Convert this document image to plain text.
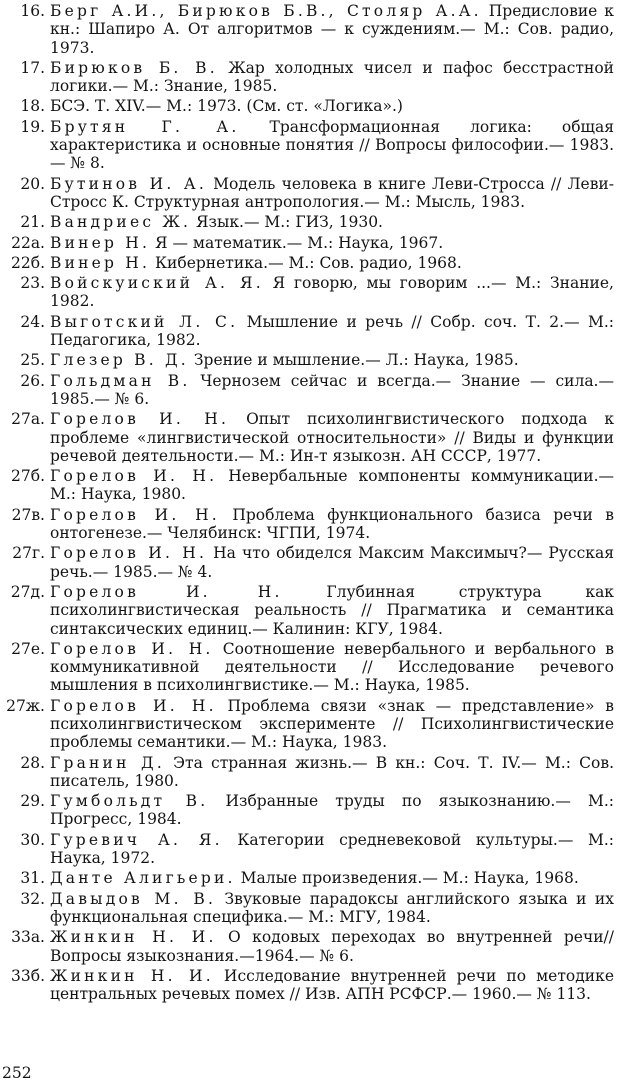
16. Берг А.И., Бирюков Б.В., Столяр А.А. Предисловие к кн.: Шапиро А. От алгоритмов — к суждениям.— М.: Сов. радио, 1973.
17. Бирюков Б. В. Жар холодных чисел и пафос бесстрастной логики.— М.: Знание, 1985.
18. БСЭ. Т. XIV.— М.: 1973. (См. ст. «Логика».)
19. Брутян Г. А. Трансформационная логика: общая характеристика и основные понятия // Вопросы философии.— 1983.— № 8.
20. Бутинов И. А. Модель человека в книге Леви-Стросса // Леви-Стросс К. Структурная антропология.— М.: Мысль, 1983.
21. Вандриес Ж. Язык.— М.: ГИЗ, 1930.
22а. Винер Н. Я — математик.— М.: Наука, 1967.
22б. Винер Н. Кибернетика.— М.: Сов. радио, 1968.
23. Войскуиский А. Я. Я говорю, мы говорим ...— М.: Знание, 1982.
24. Выготский Л. С. Мышление и речь // Собр. соч. Т. 2.— М.: Педагогика, 1982.
25. Глезер В. Д. Зрение и мышление.— Л.: Наука, 1985.
26. Гольдман В. Чернозем сейчас и всегда.— Знание — сила.— 1985.— № 6.
27а. Горелов И. Н. Опыт психолингвистического подхода к проблеме «лингвистической относительности» // Виды и функции речевой деятельности.— М.: Ин-т языкозн. АН СССР, 1977.
27б. Горелов И. Н. Невербальные компоненты коммуникации.— М.: Наука, 1980.
27в. Горелов И. Н. Проблема функционального базиса речи в онтогенезе.— Челябинск: ЧГПИ, 1974.
27г. Горелов И. Н. На что обиделся Максим Максимыч?— Русская речь.— 1985.— № 4.
27д. Горелов И. Н. Глубинная структура как психолингвистическая реальность // Прагматика и семантика синтаксических единиц.— Калинин: КГУ, 1984.
27е. Горелов И. Н. Соотношение невербального и вербального в коммуникативной деятельности // Исследование речевого мышления в психолингвистике.— М.: Наука, 1985.
27ж. Горелов И. Н. Проблема связи «знак — представление» в психолингвистическом эксперименте // Психолингвистические проблемы семантики.— М.: Наука, 1983.
28. Гранин Д. Эта странная жизнь.— В кн.: Соч. Т. IV.— М.: Сов. писатель, 1980.
29. Гумбольдт В. Избранные труды по языкознанию.— М.: Прогресс, 1984.
30. Гуревич А. Я. Категории средневековой культуры.— М.: Наука, 1972.
31. Данте Алигьери. Малые произведения.— М.: Наука, 1968.
32. Давыдов М. В. Звуковые парадоксы английского языка и их функциональная специфика.— М.: МГУ, 1984.
33а. Жинкин Н. И. О кодовых переходах во внутренней речи// Вопросы языкознания.—1964.— № 6.
33б. Жинкин Н. И. Исследование внутренней речи по методике центральных речевых помех // Изв. АПН РСФСР.— 1960.— № 113.
252
